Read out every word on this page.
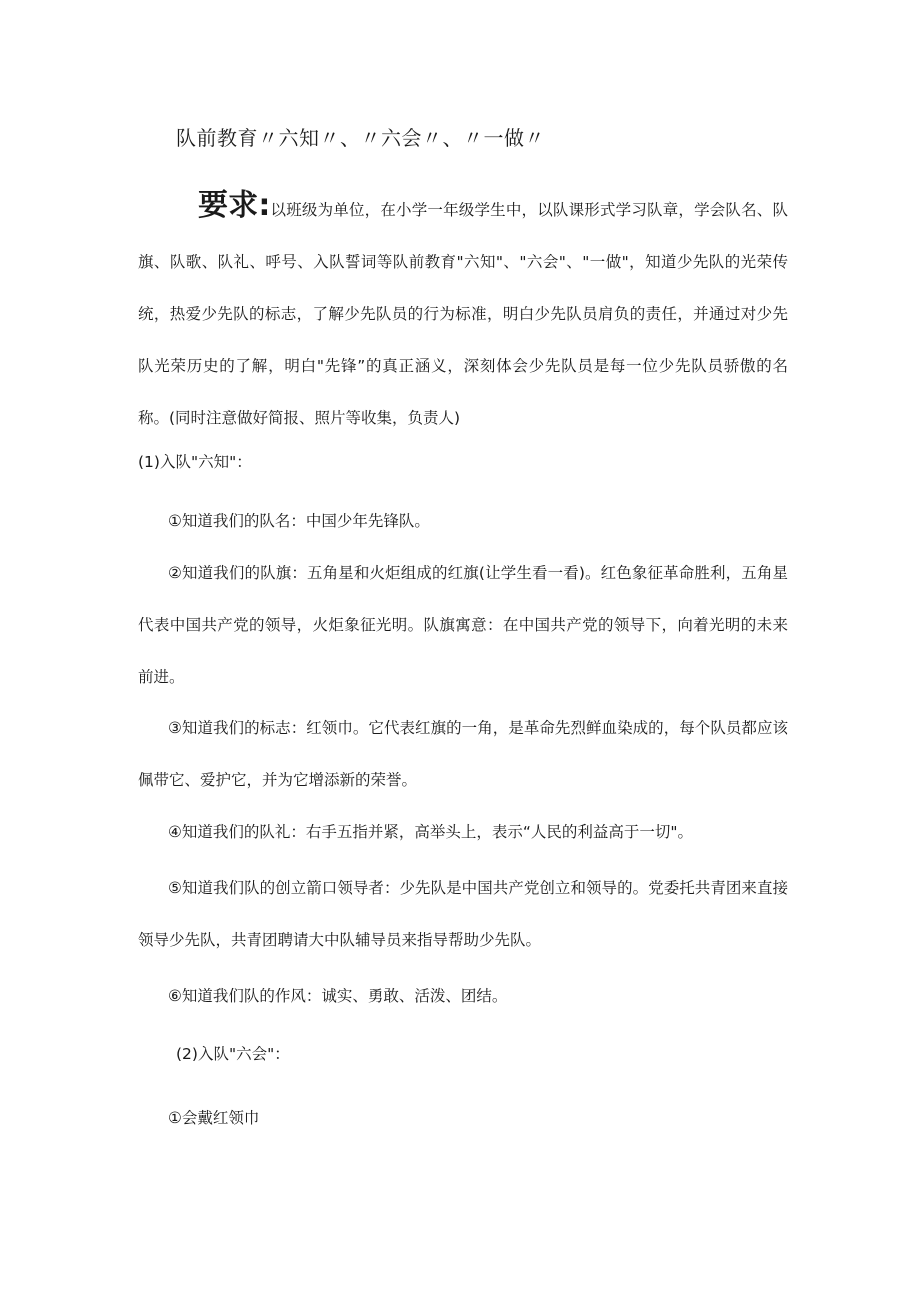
队前教育〃六知〃、〃六会〃、〃一做〃
要求:以班级为单位，在小学一年级学生中，以队课形式学习队章，学会队名、队旗、队歌、队礼、呼号、入队誓词等队前教育"六知"、"六会"、"一做"，知道少先队的光荣传统，热爱少先队的标志，了解少先队员的行为标准，明白少先队员肩负的责任，并通过对少先队光荣历史的了解，明白"先锋”的真正涵义，深刻体会少先队员是每一位少先队员骄傲的名称。(同时注意做好简报、照片等收集，负责人)
(1)入队"六知"：
①知道我们的队名：中国少年先锋队。
②知道我们的队旗：五角星和火炬组成的红旗(让学生看一看)。红色象征革命胜利，五角星代表中国共产党的领导，火炬象征光明。队旗寓意：在中国共产党的领导下，向着光明的未来前进。
③知道我们的标志：红领巾。它代表红旗的一角，是革命先烈鲜血染成的，每个队员都应该佩带它、爱护它，并为它增添新的荣誉。
④知道我们的队礼：右手五指并紧，高举头上，表示“人民的利益高于一切"。
⑤知道我们队的创立箭口领导者：少先队是中国共产党创立和领导的。党委托共青团来直接领导少先队，共青团聘请大中队辅导员来指导帮助少先队。
⑥知道我们队的作风：诚实、勇敢、活泼、团结。
(2)入队"六会"：
①会戴红领巾
